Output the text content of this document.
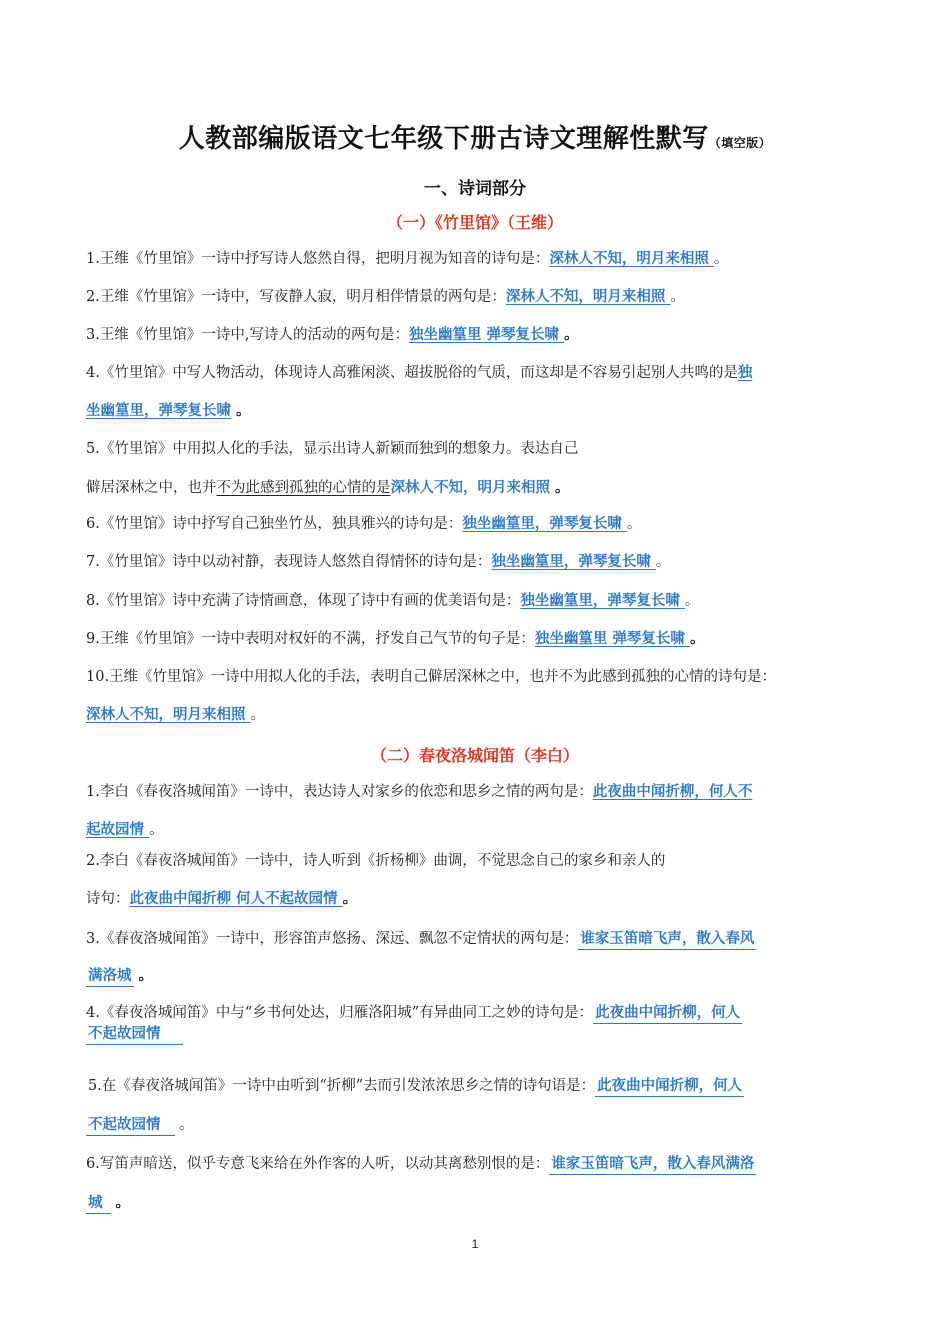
人教部编版语文七年级下册古诗文理解性默写（填空版）
一、诗词部分
（一）《竹里馆》（王维）
1.王维《竹里馆》一诗中抒写诗人悠然自得，把明月视为知音的诗句是：深林人不知，明月来相照 。
2.王维《竹里馆》一诗中，写夜静人寂，明月相伴情景的两句是：深林人不知，明月来相照 。
3.王维《竹里馆》一诗中,写诗人的活动的两句是：独坐幽篁里 弹琴复长啸 。
4.《竹里馆》中写人物活动，体现诗人高雅闲淡、超拔脱俗的气质，而这却是不容易引起别人共鸣的是独
坐幽篁里，弹琴复长啸 。
5.《竹里馆》中用拟人化的手法，显示出诗人新颖而独到的想象力。表达自己
僻居深林之中，也并不为此感到孤独的心情的是深林人不知，明月来相照 。
6.《竹里馆》诗中抒写自己独坐竹丛，独具雅兴的诗句是：独坐幽篁里，弹琴复长啸 。
7.《竹里馆》诗中以动衬静，表现诗人悠然自得情怀的诗句是：独坐幽篁里，弹琴复长啸 。
8.《竹里馆》诗中充满了诗情画意，体现了诗中有画的优美语句是：独坐幽篁里，弹琴复长啸 。
9.王维《竹里馆》一诗中表明对权奸的不满，抒发自己气节的句子是：独坐幽篁里 弹琴复长啸 。
10.王维《竹里馆》一诗中用拟人化的手法，表明自己僻居深林之中，也并不为此感到孤独的心情的诗句是：
深林人不知，明月来相照 。
（二）春夜洛城闻笛（李白）
1.李白《春夜洛城闻笛》一诗中，表达诗人对家乡的依恋和思乡之情的两句是：此夜曲中闻折柳，何人不
起故园情 。
2.李白《春夜洛城闻笛》一诗中，诗人听到《折杨柳》曲调，不觉思念自己的家乡和亲人的
诗句：此夜曲中闻折柳 何人不起故园情 。
3.《春夜洛城闻笛》一诗中，形容笛声悠扬、深远、飘忽不定情状的两句是： 谁家玉笛暗飞声，散入春风
满洛城 。
4.《春夜洛城闻笛》中与“乡书何处达，归雁洛阳城”有异曲同工之妙的诗句是： 此夜曲中闻折柳，何人
不起故园情
5.在《春夜洛城闻笛》一诗中由听到“折柳”去而引发浓浓思乡之情的诗句语是： 此夜曲中闻折柳，何人
不起故园情 。
6.写笛声暗送，似乎专意飞来给在外作客的人听，以动其离愁别恨的是： 谁家玉笛暗飞声，散入春风满洛
城 。
1
